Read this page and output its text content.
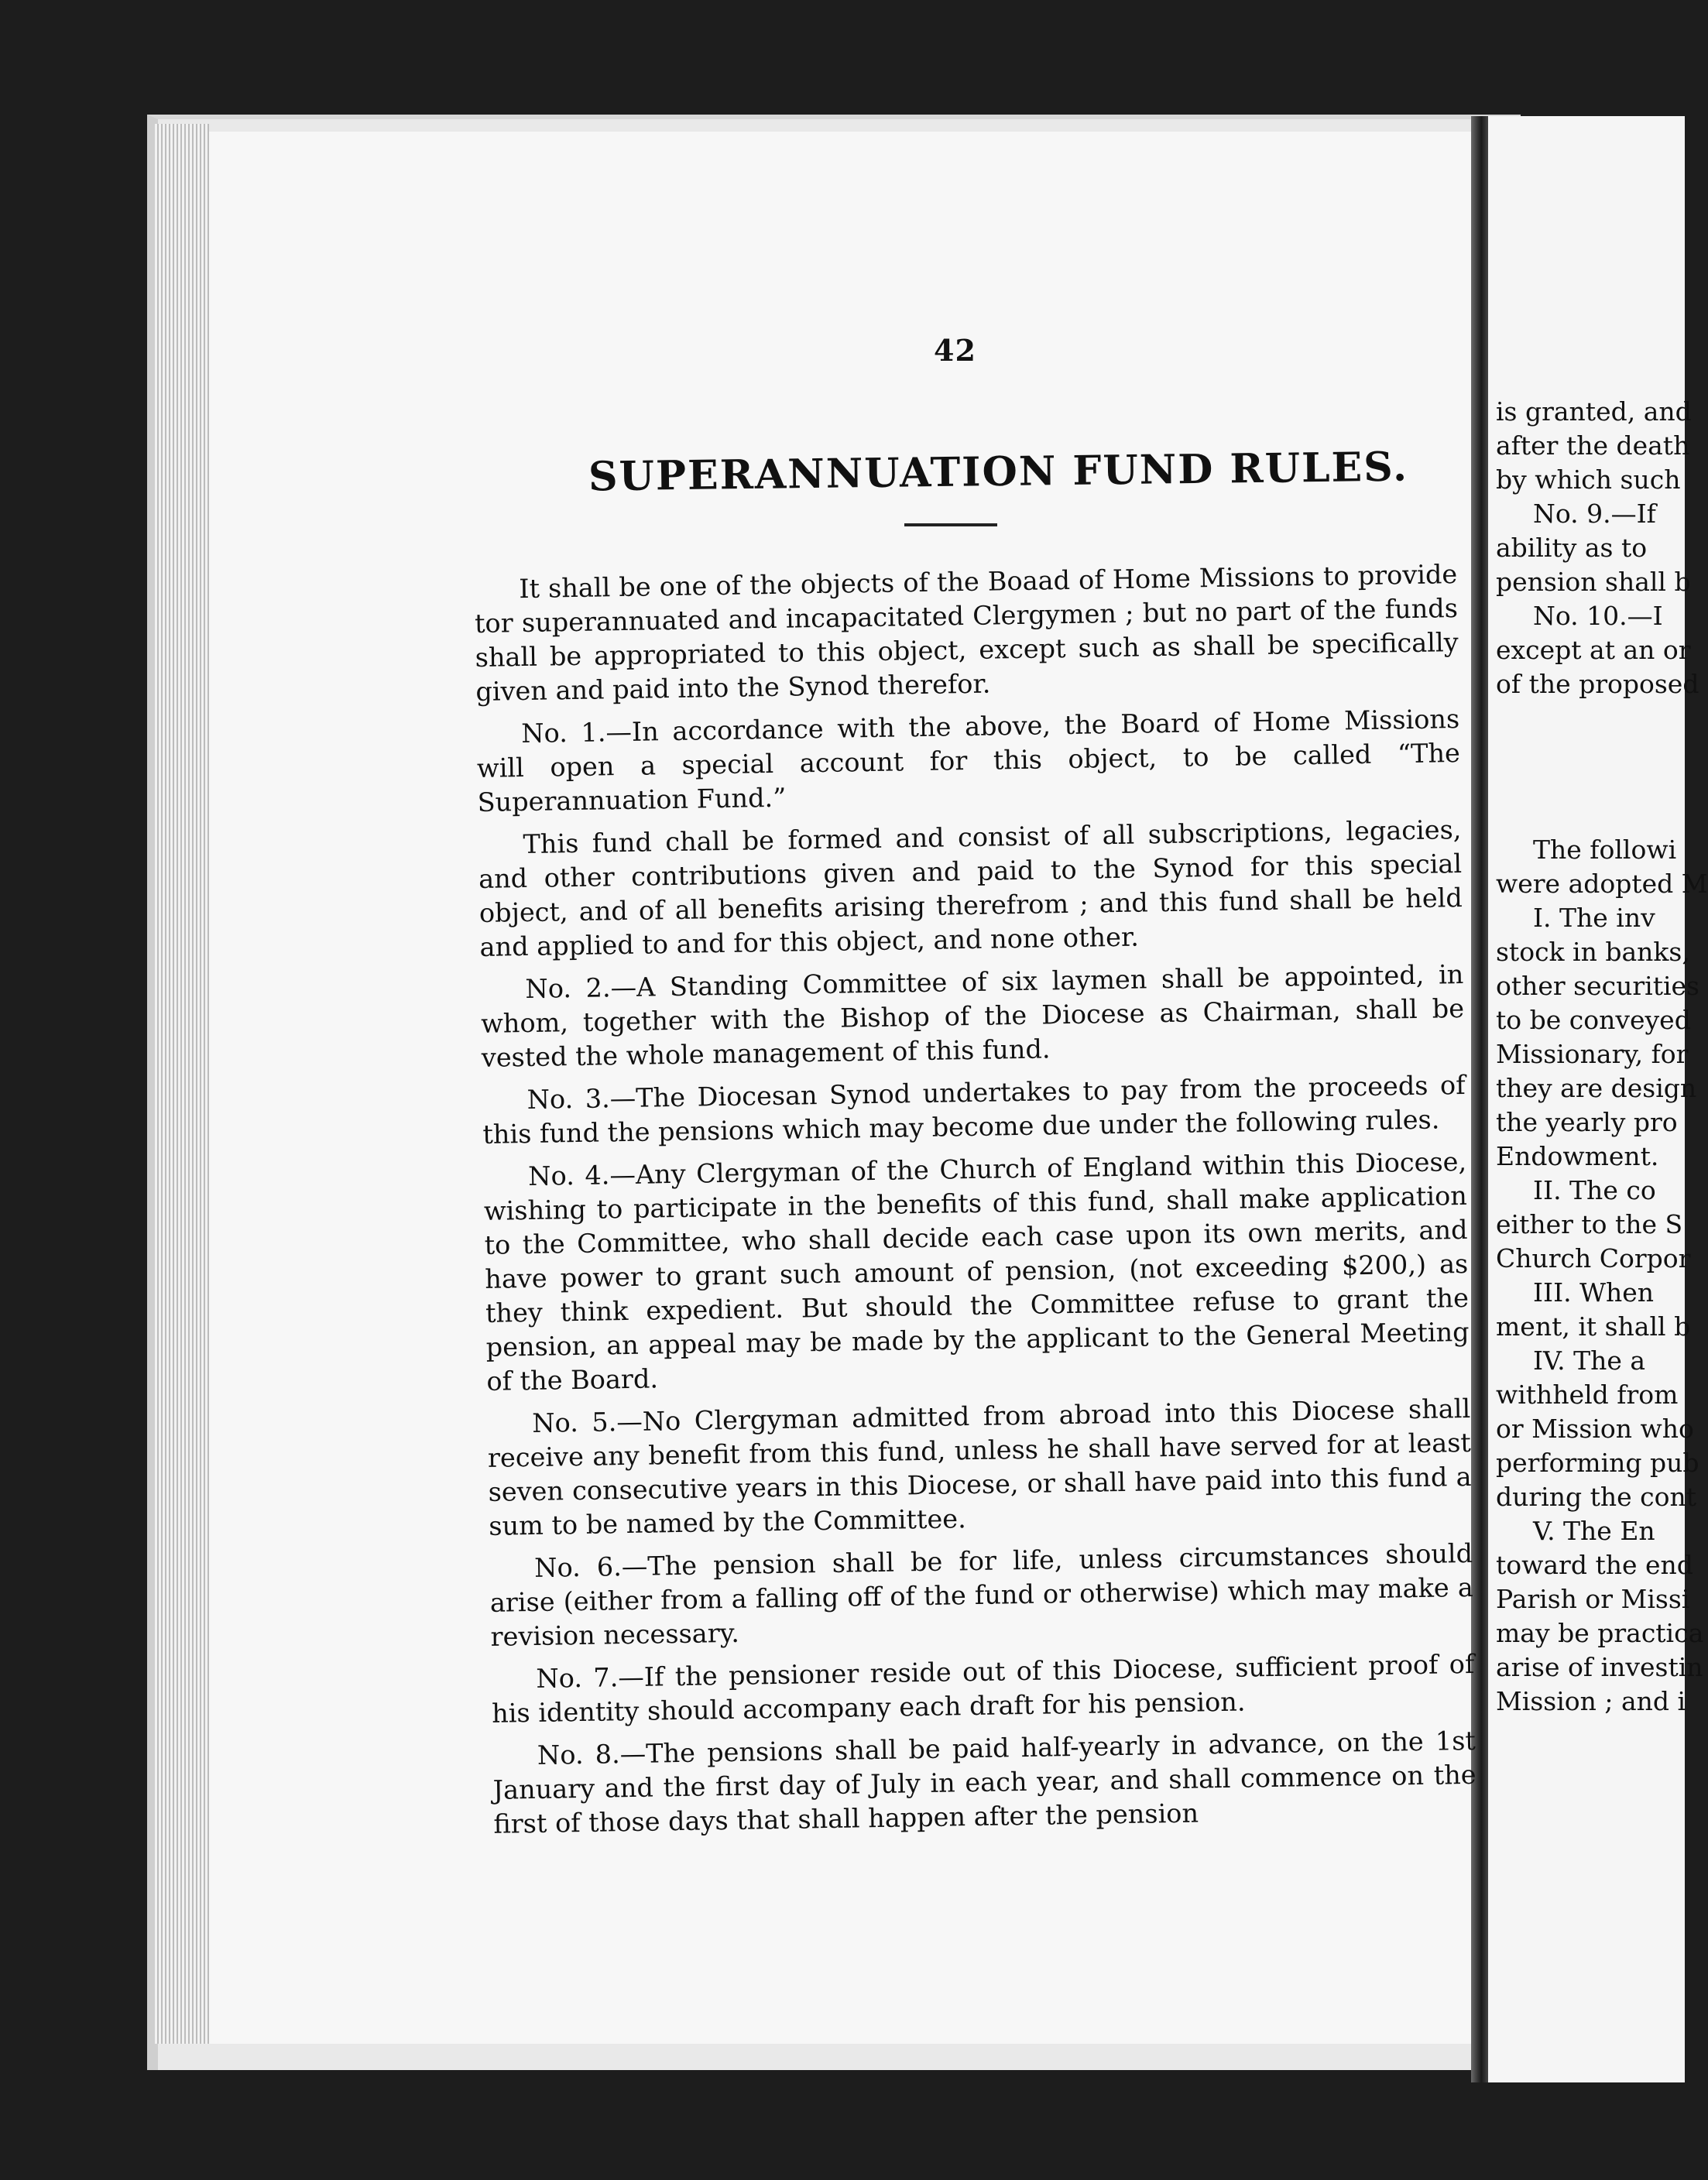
42
SUPERANNUATION FUND RULES.

It shall be one of the objects of the Boaad of Home Missions to provide tor superannuated and incapacitated Clergymen ; but no part of the funds shall be appropriated to this object, except such as shall be specifically given and paid into the Synod therefor.

No. 1.—In accordance with the above, the Board of Home Missions will open a special account for this object, to be called “The Superannuation Fund.”

This fund chall be formed and consist of all subscriptions, legacies, and other contributions given and paid to the Synod for this special object, and of all benefits arising therefrom ; and this fund shall be held and applied to and for this object, and none other.

No. 2.—A Standing Committee of six laymen shall be appointed, in whom, together with the Bishop of the Diocese as Chairman, shall be vested the whole management of this fund.

No. 3.—The Diocesan Synod undertakes to pay from the proceeds of this fund the pensions which may become due under the following rules.

No. 4.—Any Clergyman of the Church of England within this Diocese, wishing to participate in the benefits of this fund, shall make application to the Committee, who shall decide each case upon its own merits, and have power to grant such amount of pension, (not exceeding $200,) as they think expedient. But should the Committee refuse to grant the pension, an appeal may be made by the applicant to the General Meeting of the Board.

No. 5.—No Clergyman admitted from abroad into this Diocese shall receive any benefit from this fund, unless he shall have served for at least seven consecutive years in this Diocese, or shall have paid into this fund a sum to be named by the Committee.

No. 6.—The pension shall be for life, unless circumstances should arise (either from a falling off of the fund or otherwise) which may make a revision necessary.

No. 7.—If the pensioner reside out of this Diocese, sufficient proof of his identity should accompany each draft for his pension.

No. 8.—The pensions shall be paid half-yearly in advance, on the 1st January and the first day of July in each year, and shall commence on the first of those days that shall happen after the pension

is granted, and
after the death
by which such
No. 9.—If
ability as to
pension shall b
No. 10.—I
except at an or
of the proposed
The followi
were adopted M
I. The inv
stock in banks,
other securities
to be conveyed
Missionary, for
they are design
the yearly pro
Endowment.
II. The co
either to the S
Church Corpor
III. When
ment, it shall b
IV. The a
withheld from
or Mission who
performing pub
during the cont
V. The En
toward the end
Parish or Missi
may be practica
arise of investin
Mission ; and i
